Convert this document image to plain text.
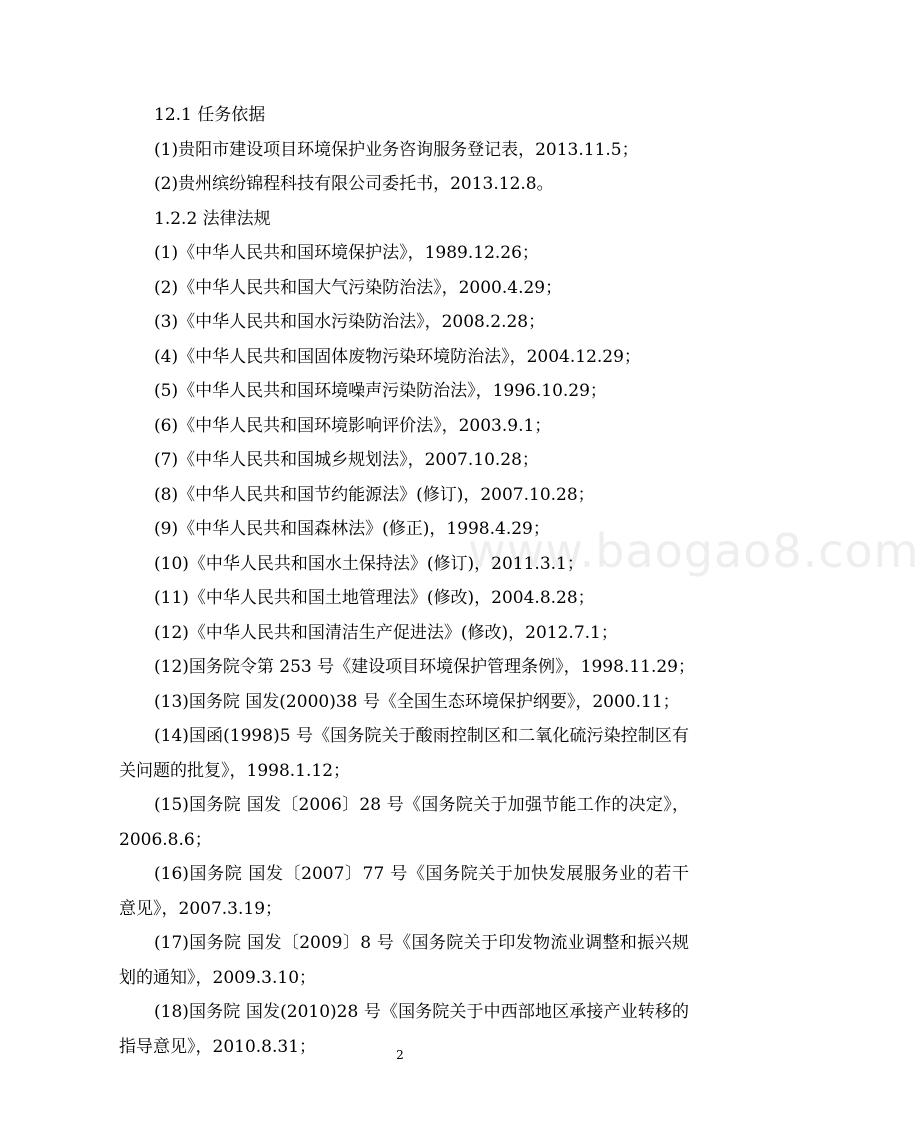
www.baogao8.com

12.1 任务依据

(1)贵阳市建设项目环境保护业务咨询服务登记表，2013.11.5；

(2)贵州缤纷锦程科技有限公司委托书，2013.12.8。

1.2.2 法律法规

(1)《中华人民共和国环境保护法》，1989.12.26；

(2)《中华人民共和国大气污染防治法》，2000.4.29；

(3)《中华人民共和国水污染防治法》，2008.2.28；

(4)《中华人民共和国固体废物污染环境防治法》，2004.12.29；

(5)《中华人民共和国环境噪声污染防治法》，1996.10.29；

(6)《中华人民共和国环境影响评价法》，2003.9.1；

(7)《中华人民共和国城乡规划法》，2007.10.28；

(8)《中华人民共和国节约能源法》(修订)，2007.10.28；

(9)《中华人民共和国森林法》(修正)，1998.4.29；

(10)《中华人民共和国水土保持法》(修订)，2011.3.1；

(11)《中华人民共和国土地管理法》(修改)，2004.8.28；

(12)《中华人民共和国清洁生产促进法》(修改)，2012.7.1；

(12)国务院令第 253 号《建设项目环境保护管理条例》，1998.11.29；

(13)国务院 国发(2000)38 号《全国生态环境保护纲要》，2000.11；

(14)国函(1998)5 号《国务院关于酸雨控制区和二氧化硫污染控制区有关问题的批复》，1998.1.12；

(15)国务院 国发〔2006〕28 号《国务院关于加强节能工作的决定》，2006.8.6；

(16)国务院 国发〔2007〕77 号《国务院关于加快发展服务业的若干意见》，2007.3.19；

(17)国务院 国发〔2009〕8 号《国务院关于印发物流业调整和振兴规划的通知》，2009.3.10；

(18)国务院 国发(2010)28 号《国务院关于中西部地区承接产业转移的指导意见》，2010.8.31；	2
